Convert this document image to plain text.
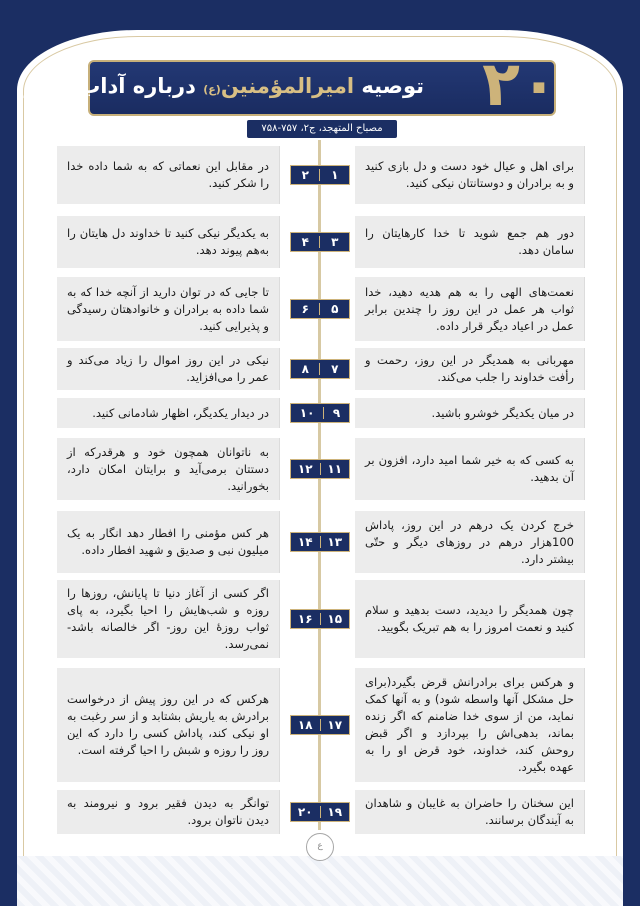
توصیه امیرالمؤمنین(ع) درباره آداب غدیر	۲۰
مصباح المتهجد، ج۲، ۷۵۷-۷۵۸
برای اهل و عیال خود دست و دل بازی کنید و به برادران و دوستانتان نیکی کنید.
در مقابل این نعماتی که به شما داده خدا را شکر کنید.
۲ ۱
دور هم جمع شوید تا خدا کارهایتان را سامان دهد.
به یکدیگر نیکی کنید تا خداوند دل هایتان را به‌هم پیوند دهد.
۴ ۳
نعمت‌های الهی را به هم هدیه دهید، خدا ثواب هر عمل در این روز را چندین برابر عمل در اعیاد دیگر قرار داده.
تا جایی که در توان دارید از آنچه خدا که به شما داده به برادران و خانوادهتان رسیدگی و پذیرایی کنید.
۶ ۵
مهربانی به همدیگر در این روز، رحمت و رأفت خداوند را جلب می‌کند.
نیکی در این روز اموال را زیاد می‌کند و عمر را می‌افزاید.
۸ ۷
در میان یکدیگر خوشرو باشید.
در دیدار یکدیگر، اظهار شادمانی کنید.	۱۰ ۹
به کسی که به خیر شما امید دارد، افزون بر آن بدهید.
به ناتوانان همچون خود و هرقدرکه از دستتان برمی‌آید و برایتان امکان دارد، بخورانید.
۱۲ ۱۱
خرج کردن یک درهم در این روز، پاداش 100هزار درهم در روزهای دیگر و حتّی بیشتر دارد.
هر کس مؤمنی را افطار دهد انگار به یک میلیون نبی و صدیق و شهید افطار داده.
۱۴ ۱۳
چون همدیگر را دیدید، دست بدهید و سلام کنید و نعمت امروز را به هم تبریک بگویید.
اگر کسی از آغاز دنیا تا پایانش، روزها را روزه و شب‌هایش را احیا بگیرد، به پای ثواب روزهٔ این روز- اگر خالصانه باشد- نمی‌رسد.
۱۶ ۱۵
و هرکس برای برادرانش قرض بگیرد(برای حل مشکل آنها واسطه شود) و به آنها کمک نماید، من از سوی خدا ضامنم که اگر زنده بماند، بدهی‌اش را بپردازد و اگر قبض روحش کند، خداوند، خود قرض او را به عهده بگیرد.
هرکس که در این روز پیش از درخواست برادرش به یاریش بشتابد و از سر رغبت به او نیکی کند، پاداش کسی را دارد که این روز را روزه و شبش را احیا گرفته است.
۱۸ ۱۷
این سخنان را حاضران به غایبان و شاهدان به آیندگان برسانند.
توانگر به دیدن فقیر برود و نیرومند به دیدن ناتوان برود.
۲۰ ۱۹
ع
